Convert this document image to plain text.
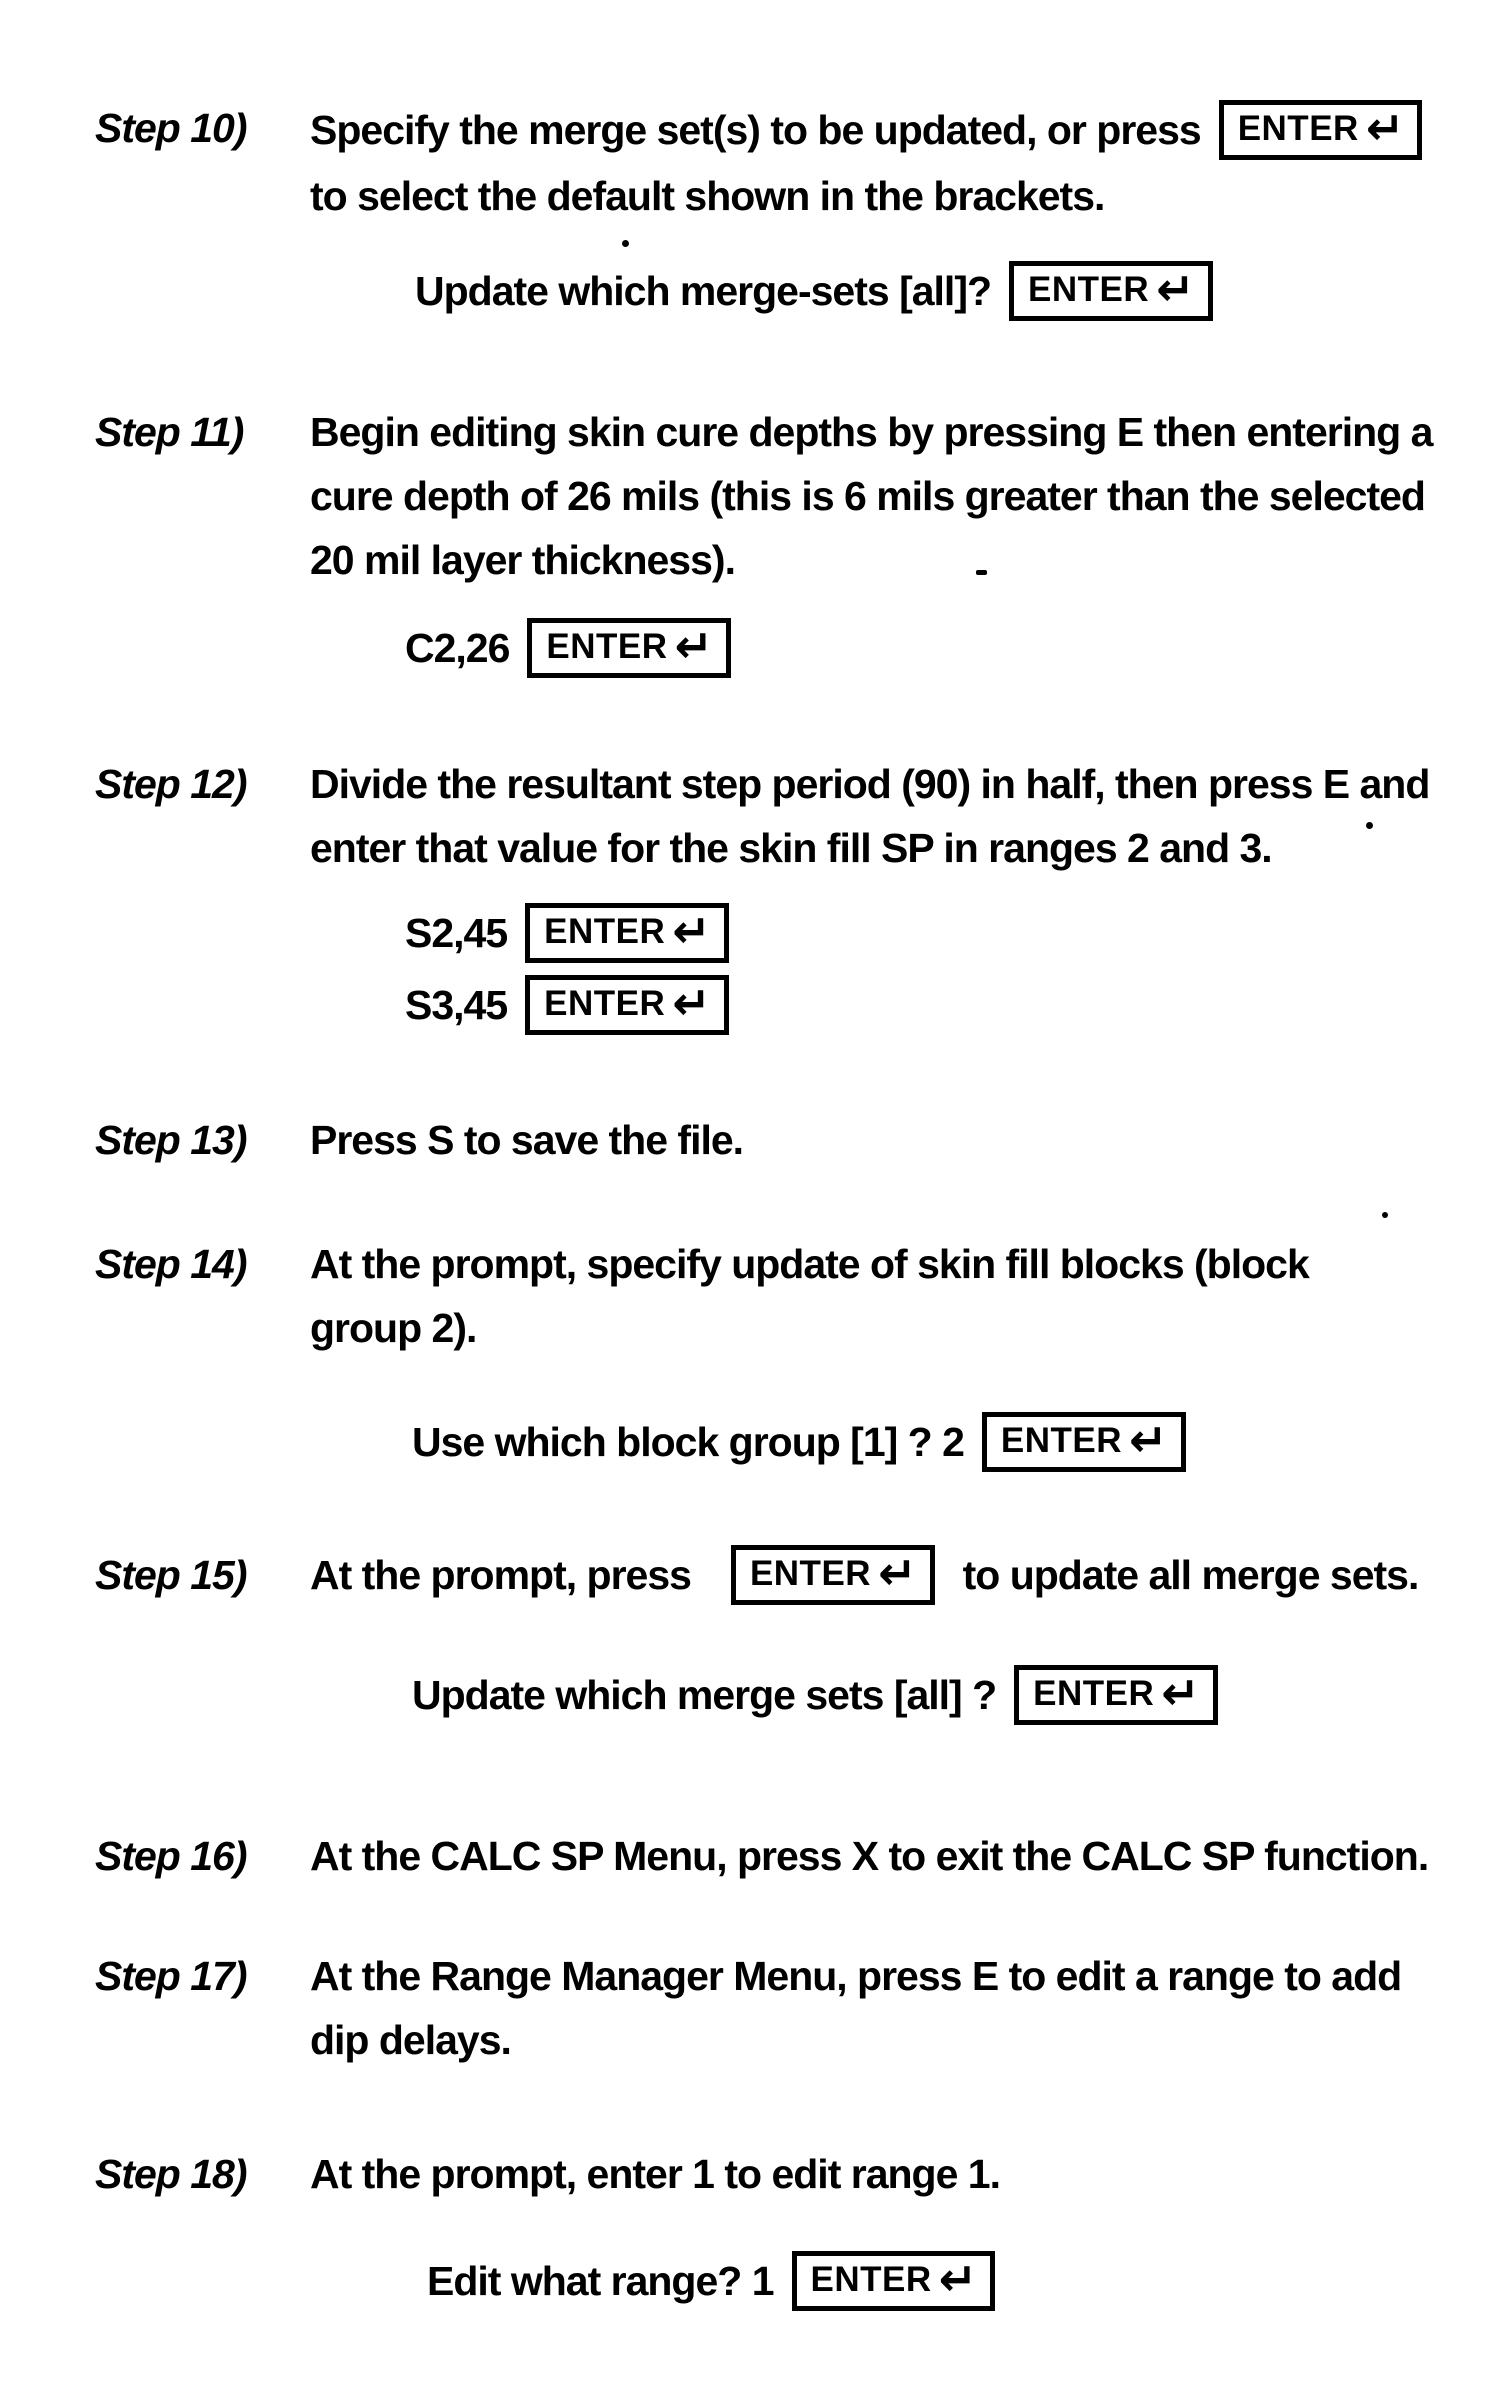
Step 10) Specify the merge set(s) to be updated, or press ENTER ↵
to select the default shown in the brackets.
Update which merge-sets [all]? ENTER ↵
Step 11) Begin editing skin cure depths by pressing E then entering a
cure depth of 26 mils (this is 6 mils greater than the selected
20 mil layer thickness).
C2,26 ENTER ↵
Step 12) Divide the resultant step period (90) in half, then press E and
enter that value for the skin fill SP in ranges 2 and 3.
S2,45 ENTER ↵
S3,45 ENTER ↵
Step 13) Press S to save the file.
Step 14) At the prompt, specify update of skin fill blocks (block
group 2).
Use which block group [1] ? 2 ENTER ↵
Step 15) At the prompt, press ENTER ↵ to update all merge sets.
Update which merge sets [all] ? ENTER ↵
Step 16) At the CALC SP Menu, press X to exit the CALC SP function.
Step 17) At the Range Manager Menu, press E to edit a range to add
dip delays.
Step 18) At the prompt, enter 1 to edit range 1.
Edit what range? 1 ENTER ↵
